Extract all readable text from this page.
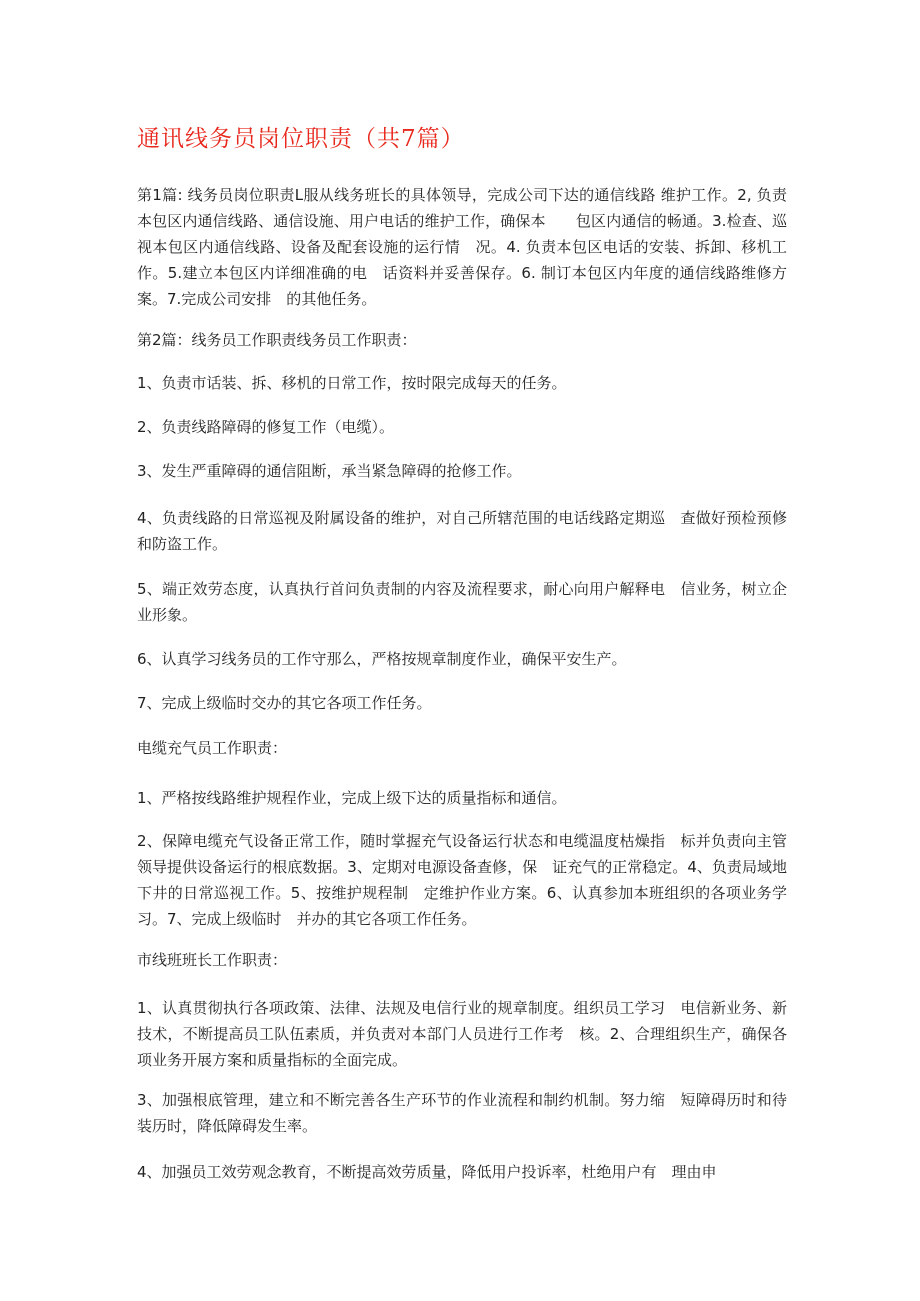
通讯线务员岗位职责（共7篇）

第1篇: 线务员岗位职责L服从线务班长的具体领导，完成公司下达的通信线路 维护工作。2, 负责本包区内通信线路、通信设施、用户电话的维护工作，确保本　　包区内通信的畅通。3.检查、巡视本包区内通信线路、设备及配套设施的运行情　况。4. 负责本包区电话的安装、拆卸、移机工作。5.建立本包区内详细准确的电　话资料并妥善保存。6. 制订本包区内年度的通信线路维修方案。7.完成公司安排　的其他任务。

第2篇：线务员工作职责线务员工作职责：

1、负责市话装、拆、移机的日常工作，按时限完成每天的任务。

2、负责线路障碍的修复工作（电缆）。

3、发生严重障碍的通信阻断，承当紧急障碍的抢修工作。

4、负责线路的日常巡视及附属设备的维护，对自己所辖范围的电话线路定期巡　查做好预检预修和防盗工作。

5、端正效劳态度，认真执行首问负责制的内容及流程要求，耐心向用户解释电　信业务，树立企业形象。

6、认真学习线务员的工作守那么，严格按规章制度作业，确保平安生产。

7、完成上级临时交办的其它各项工作任务。

电缆充气员工作职责：

1、严格按线路维护规程作业，完成上级下达的质量指标和通信。

2、保障电缆充气设备正常工作，随时掌握充气设备运行状态和电缆温度枯燥指　标并负责向主管领导提供设备运行的根底数据。3、定期对电源设备查修，保　证充气的正常稳定。4、负责局域地下井的日常巡视工作。5、按维护规程制　定维护作业方案。6、认真参加本班组织的各项业务学习。7、完成上级临时　并办的其它各项工作任务。

市线班班长工作职责：

1、认真贯彻执行各项政策、法律、法规及电信行业的规章制度。组织员工学习　电信新业务、新技术，不断提高员工队伍素质，并负责对本部门人员进行工作考　核。2、合理组织生产，确保各项业务开展方案和质量指标的全面完成。

3、加强根底管理，建立和不断完善各生产环节的作业流程和制约机制。努力缩　短障碍历时和待装历时，降低障碍发生率。

4、加强员工效劳观念教育，不断提高效劳质量，降低用户投诉率，杜绝用户有　理由申
